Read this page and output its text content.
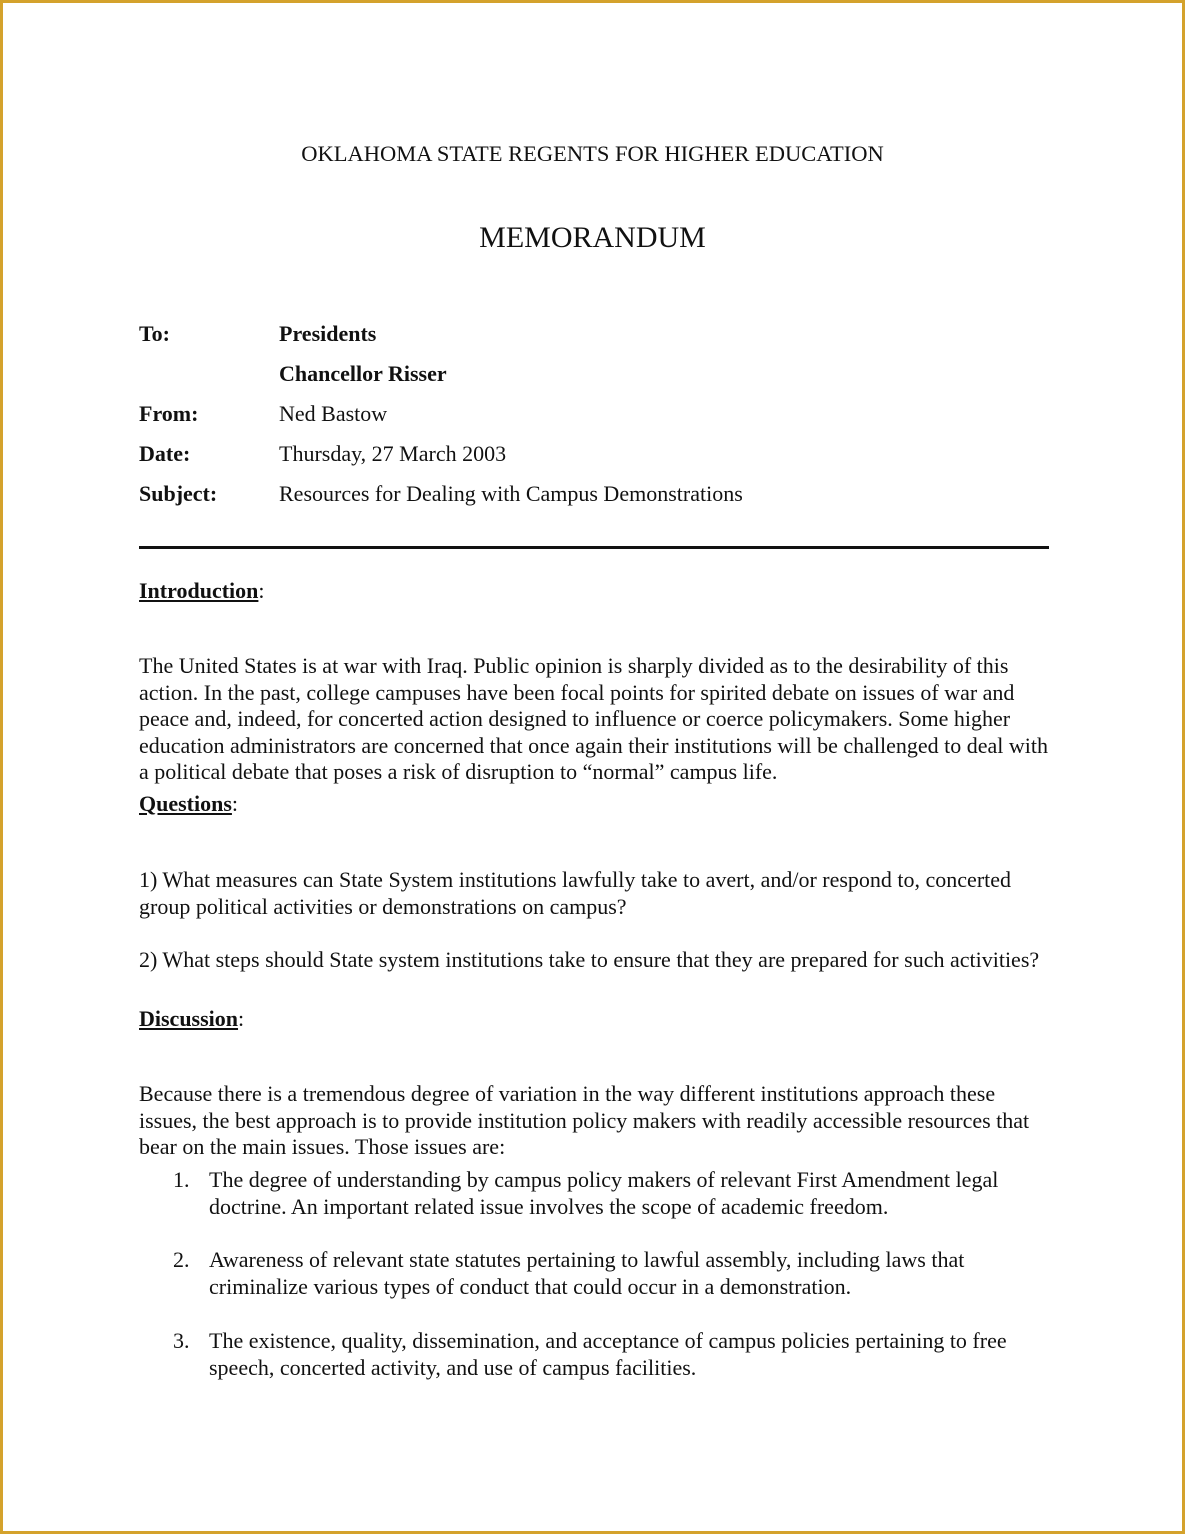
OKLAHOMA STATE REGENTS FOR HIGHER EDUCATION

MEMORANDUM

To:	Presidents
Chancellor Risser
From:	Ned Bastow
Date:	Thursday, 27 March 2003
Subject:	Resources for Dealing with Campus Demonstrations
Introduction:

The United States is at war with Iraq. Public opinion is sharply divided as to the desirability of this action. In the past, college campuses have been focal points for spirited debate on issues of war and peace and, indeed, for concerted action designed to influence or coerce policymakers. Some higher education administrators are concerned that once again their institutions will be challenged to deal with a political debate that poses a risk of disruption to “normal” campus life.

Questions:

1) What measures can State System institutions lawfully take to avert, and/or respond to, concerted group political activities or demonstrations on campus?

2) What steps should State system institutions take to ensure that they are prepared for such activities?

Discussion:

Because there is a tremendous degree of variation in the way different institutions approach these issues, the best approach is to provide institution policy makers with readily accessible resources that bear on the main issues. Those issues are:

1. The degree of understanding by campus policy makers of relevant First Amendment legal doctrine. An important related issue involves the scope of academic freedom.
2. Awareness of relevant state statutes pertaining to lawful assembly, including laws that criminalize various types of conduct that could occur in a demonstration.
3. The existence, quality, dissemination, and acceptance of campus policies pertaining to free speech, concerted activity, and use of campus facilities.
